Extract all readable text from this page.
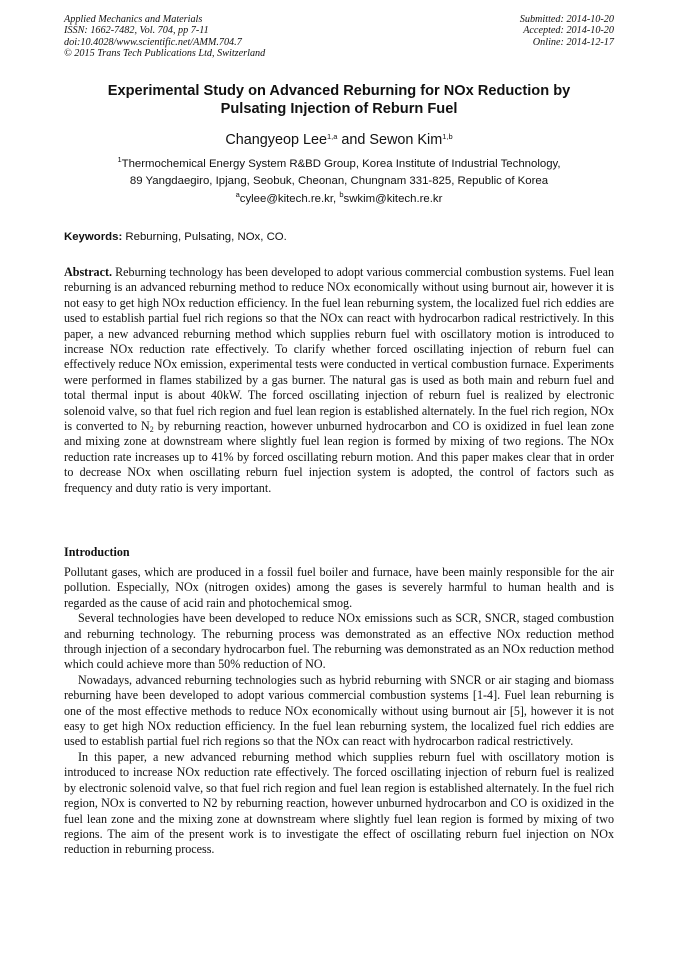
Applied Mechanics and Materials
ISSN: 1662-7482, Vol. 704, pp 7-11
doi:10.4028/www.scientific.net/AMM.704.7
© 2015 Trans Tech Publications Ltd, Switzerland
Submitted: 2014-10-20
Accepted: 2014-10-20
Online: 2014-12-17
Experimental Study on Advanced Reburning for NOx Reduction by
Pulsating Injection of Reburn Fuel
Changyeop Lee$^{1,a}$ and Sewon Kim$^{1,b}$
$^1$Thermochemical Energy System R&BD Group, Korea Institute of Industrial Technology,
89 Yangdaegiro, Ipjang, Seobuk, Cheonan, Chungnam 331-825, Republic of Korea
$^a$cylee@kitech.re.kr, $^b$swkim@kitech.re.kr
Keywords: Reburning, Pulsating, NOx, CO.

Abstract. Reburning technology has been developed to adopt various commercial combustion systems. Fuel lean reburning is an advanced reburning method to reduce NOx economically without using burnout air, however it is not easy to get high NOx reduction efficiency. In the fuel lean reburning system, the localized fuel rich eddies are used to establish partial fuel rich regions so that the NOx can react with hydrocarbon radical restrictively. In this paper, a new advanced reburning method which supplies reburn fuel with oscillatory motion is introduced to increase NOx reduction rate effectively. To clarify whether forced oscillating injection of reburn fuel can effectively reduce NOx emission, experimental tests were conducted in vertical combustion furnace. Experiments were performed in flames stabilized by a gas burner. The natural gas is used as both main and reburn fuel and total thermal input is about 40kW. The forced oscillating injection of reburn fuel is realized by electronic solenoid valve, so that fuel rich region and fuel lean region is established alternately. In the fuel rich region, NOx is converted to $N_2$ by reburning reaction, however unburned hydrocarbon and CO is oxidized in fuel lean zone and mixing zone at downstream where slightly fuel lean region is formed by mixing of two regions. The NOx reduction rate increases up to 41% by forced oscillating reburn motion. And this paper makes clear that in order to decrease NOx when oscillating reburn fuel injection system is adopted, the control of factors such as frequency and duty ratio is very important.

Introduction

Pollutant gases, which are produced in a fossil fuel boiler and furnace, have been mainly responsible for the air pollution. Especially, NOx (nitrogen oxides) among the gases is severely harmful to human health and is regarded as the cause of acid rain and photochemical smog.

Several technologies have been developed to reduce NOx emissions such as SCR, SNCR, staged combustion and reburning technology. The reburning process was demonstrated as an effective NOx reduction method through injection of a secondary hydrocarbon fuel. The reburning was demonstrated as an NOx reduction method which could achieve more than 50% reduction of NO.

Nowadays, advanced reburning technologies such as hybrid reburning with SNCR or air staging and biomass reburning have been developed to adopt various commercial combustion systems [1-4]. Fuel lean reburning is one of the most effective methods to reduce NOx economically without using burnout air [5], however it is not easy to get high NOx reduction efficiency. In the fuel lean reburning system, the localized fuel rich eddies are used to establish partial fuel rich regions so that the NOx can react with hydrocarbon radical restrictively.

In this paper, a new advanced reburning method which supplies reburn fuel with oscillatory motion is introduced to increase NOx reduction rate effectively. The forced oscillating injection of reburn fuel is realized by electronic solenoid valve, so that fuel rich region and fuel lean region is established alternately. In the fuel rich region, NOx is converted to N2 by reburning reaction, however unburned hydrocarbon and CO is oxidized in the fuel lean zone and the mixing zone at downstream where slightly fuel lean region is formed by mixing of two regions. The aim of the present work is to investigate the effect of oscillating reburn fuel injection on NOx reduction in reburning process.
